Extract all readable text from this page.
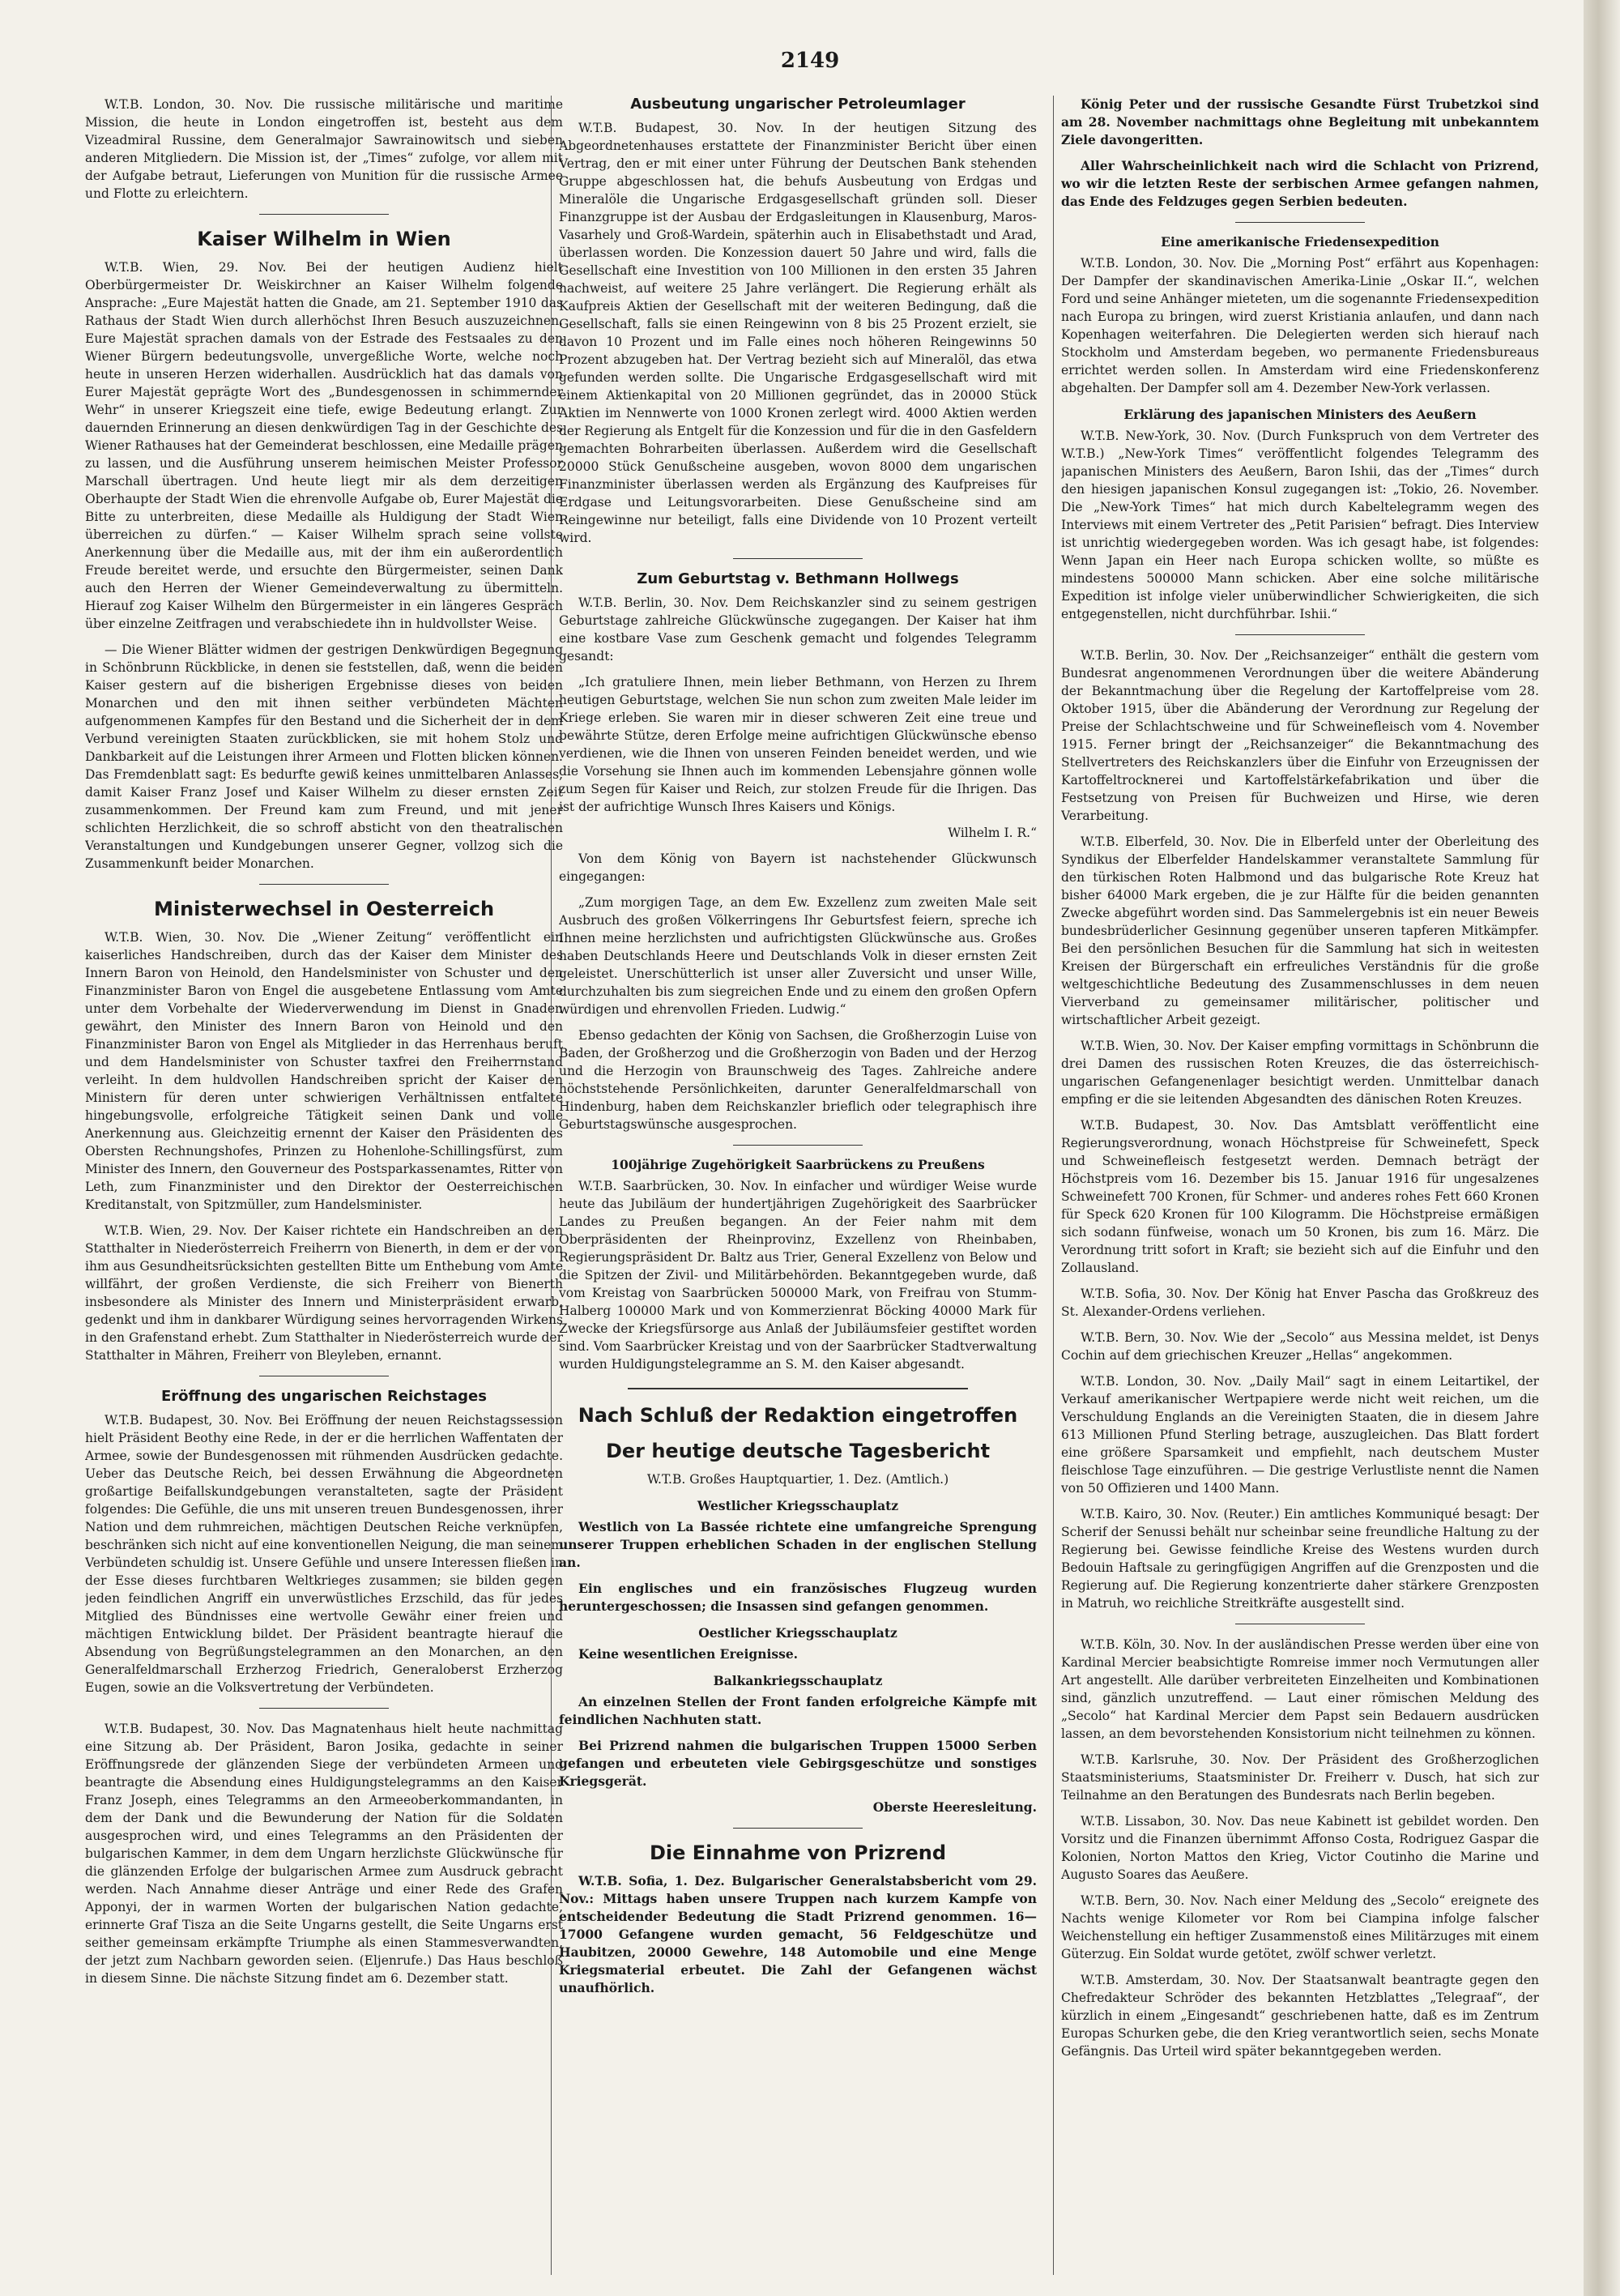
2149

W.T.B. London, 30. Nov. Die russische militärische und maritime Mission, die heute in London eingetroffen ist, besteht aus dem Vizeadmiral Russine, dem Generalmajor Sawrainowitsch und sieben anderen Mitgliedern. Die Mission ist, der „Times“ zufolge, vor allem mit der Aufgabe betraut, Lieferungen von Munition für die russische Armee und Flotte zu erleichtern.

Kaiser Wilhelm in Wien

W.T.B. Wien, 29. Nov. Bei der heutigen Audienz hielt Oberbürgermeister Dr. Weiskirchner an Kaiser Wilhelm folgende Ansprache: „Eure Majestät hatten die Gnade, am 21. September 1910 das Rathaus der Stadt Wien durch allerhöchst Ihren Besuch auszuzeichnen. Eure Majestät sprachen damals von der Estrade des Festsaales zu den Wiener Bürgern bedeutungsvolle, unvergeßliche Worte, welche noch heute in unseren Herzen widerhallen. Ausdrücklich hat das damals von Eurer Majestät geprägte Wort des „Bundesgenossen in schimmernder Wehr“ in unserer Kriegszeit eine tiefe, ewige Bedeutung erlangt. Zur dauernden Erinnerung an diesen denkwürdigen Tag in der Geschichte des Wiener Rathauses hat der Gemeinderat beschlossen, eine Medaille prägen zu lassen, und die Ausführung unserem heimischen Meister Professor Marschall übertragen. Und heute liegt mir als dem derzeitigen Oberhaupte der Stadt Wien die ehrenvolle Aufgabe ob, Eurer Majestät die Bitte zu unterbreiten, diese Medaille als Huldigung der Stadt Wien überreichen zu dürfen.“ — Kaiser Wilhelm sprach seine vollste Anerkennung über die Medaille aus, mit der ihm ein außerordentlich Freude bereitet werde, und ersuchte den Bürgermeister, seinen Dank auch den Herren der Wiener Gemeindeverwaltung zu übermitteln. Hierauf zog Kaiser Wilhelm den Bürgermeister in ein längeres Gespräch über einzelne Zeitfragen und verabschiedete ihn in huldvollster Weise.

— Die Wiener Blätter widmen der gestrigen Denkwürdigen Begegnung in Schönbrunn Rückblicke, in denen sie feststellen, daß, wenn die beiden Kaiser gestern auf die bisherigen Ergebnisse dieses von beiden Monarchen und den mit ihnen seither verbündeten Mächten aufgenommenen Kampfes für den Bestand und die Sicherheit der in dem Verbund vereinigten Staaten zurückblicken, sie mit hohem Stolz und Dankbarkeit auf die Leistungen ihrer Armeen und Flotten blicken können. Das Fremdenblatt sagt: Es bedurfte gewiß keines unmittelbaren Anlasses, damit Kaiser Franz Josef und Kaiser Wilhelm zu dieser ernsten Zeit zusammenkommen. Der Freund kam zum Freund, und mit jener schlichten Herzlichkeit, die so schroff absticht von den theatralischen Veranstaltungen und Kundgebungen unserer Gegner, vollzog sich die Zusammenkunft beider Monarchen.

Ministerwechsel in Oesterreich

W.T.B. Wien, 30. Nov. Die „Wiener Zeitung“ veröffentlicht ein kaiserliches Handschreiben, durch das der Kaiser dem Minister des Innern Baron von Heinold, den Handelsminister von Schuster und den Finanzminister Baron von Engel die ausgebetene Entlassung vom Amte unter dem Vorbehalte der Wiederverwendung im Dienst in Gnaden gewährt, den Minister des Innern Baron von Heinold und den Finanzminister Baron von Engel als Mitglieder in das Herrenhaus beruft und dem Handelsminister von Schuster taxfrei den Freiherrnstand verleiht. In dem huldvollen Handschreiben spricht der Kaiser den Ministern für deren unter schwierigen Verhältnissen entfaltete hingebungsvolle, erfolgreiche Tätigkeit seinen Dank und volle Anerkennung aus. Gleichzeitig ernennt der Kaiser den Präsidenten des Obersten Rechnungshofes, Prinzen zu Hohenlohe-Schillingsfürst, zum Minister des Innern, den Gouverneur des Postsparkassenamtes, Ritter von Leth, zum Finanzminister und den Direktor der Oesterreichischen Kreditanstalt, von Spitzmüller, zum Handelsminister.

W.T.B. Wien, 29. Nov. Der Kaiser richtete ein Handschreiben an den Statthalter in Niederösterreich Freiherrn von Bienerth, in dem er der von ihm aus Gesundheitsrücksichten gestellten Bitte um Enthebung vom Amte willfährt, der großen Verdienste, die sich Freiherr von Bienerth insbesondere als Minister des Innern und Ministerpräsident erwarb, gedenkt und ihm in dankbarer Würdigung seines hervorragenden Wirkens in den Grafenstand erhebt. Zum Statthalter in Niederösterreich wurde der Statthalter in Mähren, Freiherr von Bleyleben, ernannt.

Eröffnung des ungarischen Reichstages

W.T.B. Budapest, 30. Nov. Bei Eröffnung der neuen Reichstagssession hielt Präsident Beothy eine Rede, in der er die herrlichen Waffentaten der Armee, sowie der Bundesgenossen mit rühmenden Ausdrücken gedachte. Ueber das Deutsche Reich, bei dessen Erwähnung die Abgeordneten großartige Beifallskundgebungen veranstalteten, sagte der Präsident folgendes: Die Gefühle, die uns mit unseren treuen Bundesgenossen, ihrer Nation und dem ruhmreichen, mächtigen Deutschen Reiche verknüpfen, beschränken sich nicht auf eine konventionellen Neigung, die man seinem Verbündeten schuldig ist. Unsere Gefühle und unsere Interessen fließen in der Esse dieses furchtbaren Weltkrieges zusammen; sie bilden gegen jeden feindlichen Angriff ein unverwüstliches Erzschild, das für jedes Mitglied des Bündnisses eine wertvolle Gewähr einer freien und mächtigen Entwicklung bildet. Der Präsident beantragte hierauf die Absendung von Begrüßungstelegrammen an den Monarchen, an den Generalfeldmarschall Erzherzog Friedrich, Generaloberst Erzherzog Eugen, sowie an die Volksvertretung der Verbündeten.

W.T.B. Budapest, 30. Nov. Das Magnatenhaus hielt heute nachmittag eine Sitzung ab. Der Präsident, Baron Josika, gedachte in seiner Eröffnungsrede der glänzenden Siege der verbündeten Armeen und beantragte die Absendung eines Huldigungstelegramms an den Kaiser Franz Joseph, eines Telegramms an den Armeeoberkommandanten, in dem der Dank und die Bewunderung der Nation für die Soldaten ausgesprochen wird, und eines Telegramms an den Präsidenten der bulgarischen Kammer, in dem dem Ungarn herzlichste Glückwünsche für die glänzenden Erfolge der bulgarischen Armee zum Ausdruck gebracht werden. Nach Annahme dieser Anträge und einer Rede des Grafen Apponyi, der in warmen Worten der bulgarischen Nation gedachte, erinnerte Graf Tisza an die Seite Ungarns gestellt, die Seite Ungarns erst seither gemeinsam erkämpfte Triumphe als einen Stammesverwandten, der jetzt zum Nachbarn geworden seien. (Eljenrufe.) Das Haus beschloß in diesem Sinne. Die nächste Sitzung findet am 6. Dezember statt.

Ausbeutung ungarischer Petroleumlager

W.T.B. Budapest, 30. Nov. In der heutigen Sitzung des Abgeordnetenhauses erstattete der Finanzminister Bericht über einen Vertrag, den er mit einer unter Führung der Deutschen Bank stehenden Gruppe abgeschlossen hat, die behufs Ausbeutung von Erdgas und Mineralöle die Ungarische Erdgasgesellschaft gründen soll. Dieser Finanzgruppe ist der Ausbau der Erdgasleitungen in Klausenburg, Maros-Vasarhely und Groß-Wardein, späterhin auch in Elisabethstadt und Arad, überlassen worden. Die Konzession dauert 50 Jahre und wird, falls die Gesellschaft eine Investition von 100 Millionen in den ersten 35 Jahren nachweist, auf weitere 25 Jahre verlängert. Die Regierung erhält als Kaufpreis Aktien der Gesellschaft mit der weiteren Bedingung, daß die Gesellschaft, falls sie einen Reingewinn von 8 bis 25 Prozent erzielt, sie davon 10 Prozent und im Falle eines noch höheren Reingewinns 50 Prozent abzugeben hat. Der Vertrag bezieht sich auf Mineralöl, das etwa gefunden werden sollte. Die Ungarische Erdgasgesellschaft wird mit einem Aktienkapital von 20 Millionen gegründet, das in 20000 Stück Aktien im Nennwerte von 1000 Kronen zerlegt wird. 4000 Aktien werden der Regierung als Entgelt für die Konzession und für die in den Gasfeldern gemachten Bohrarbeiten überlassen. Außerdem wird die Gesellschaft 20000 Stück Genußscheine ausgeben, wovon 8000 dem ungarischen Finanzminister überlassen werden als Ergänzung des Kaufpreises für Erdgase und Leitungsvorarbeiten. Diese Genußscheine sind am Reingewinne nur beteiligt, falls eine Dividende von 10 Prozent verteilt wird.

Zum Geburtstag v. Bethmann Hollwegs

W.T.B. Berlin, 30. Nov. Dem Reichskanzler sind zu seinem gestrigen Geburtstage zahlreiche Glückwünsche zugegangen. Der Kaiser hat ihm eine kostbare Vase zum Geschenk gemacht und folgendes Telegramm gesandt:

„Ich gratuliere Ihnen, mein lieber Bethmann, von Herzen zu Ihrem heutigen Geburtstage, welchen Sie nun schon zum zweiten Male leider im Kriege erleben. Sie waren mir in dieser schweren Zeit eine treue und bewährte Stütze, deren Erfolge meine aufrichtigen Glückwünsche ebenso verdienen, wie die Ihnen von unseren Feinden beneidet werden, und wie die Vorsehung sie Ihnen auch im kommenden Lebensjahre gönnen wolle zum Segen für Kaiser und Reich, zur stolzen Freude für die Ihrigen. Das ist der aufrichtige Wunsch Ihres Kaisers und Königs.

Wilhelm I. R.“

Von dem König von Bayern ist nachstehender Glückwunsch eingegangen:

„Zum morgigen Tage, an dem Ew. Exzellenz zum zweiten Male seit Ausbruch des großen Völkerringens Ihr Geburtsfest feiern, spreche ich Ihnen meine herzlichsten und aufrichtigsten Glückwünsche aus. Großes haben Deutschlands Heere und Deutschlands Volk in dieser ernsten Zeit geleistet. Unerschütterlich ist unser aller Zuversicht und unser Wille, durchzuhalten bis zum siegreichen Ende und zu einem den großen Opfern würdigen und ehrenvollen Frieden. Ludwig.“

Ebenso gedachten der König von Sachsen, die Großherzogin Luise von Baden, der Großherzog und die Großherzogin von Baden und der Herzog und die Herzogin von Braunschweig des Tages. Zahlreiche andere höchststehende Persönlichkeiten, darunter Generalfeldmarschall von Hindenburg, haben dem Reichskanzler brieflich oder telegraphisch ihre Geburtstagswünsche ausgesprochen.

100jährige Zugehörigkeit Saarbrückens zu Preußens

W.T.B. Saarbrücken, 30. Nov. In einfacher und würdiger Weise wurde heute das Jubiläum der hundertjährigen Zugehörigkeit des Saarbrücker Landes zu Preußen begangen. An der Feier nahm mit dem Oberpräsidenten der Rheinprovinz, Exzellenz von Rheinbaben, Regierungspräsident Dr. Baltz aus Trier, General Exzellenz von Below und die Spitzen der Zivil- und Militärbehörden. Bekanntgegeben wurde, daß vom Kreistag von Saarbrücken 500000 Mark, von Freifrau von Stumm-Halberg 100000 Mark und von Kommerzienrat Böcking 40000 Mark für Zwecke der Kriegsfürsorge aus Anlaß der Jubiläumsfeier gestiftet worden sind. Vom Saarbrücker Kreistag und von der Saarbrücker Stadtverwaltung wurden Huldigungstelegramme an S. M. den Kaiser abgesandt.

Nach Schluß der Redaktion eingetroffen
Der heutige deutsche Tagesbericht

W.T.B. Großes Hauptquartier, 1. Dez. (Amtlich.)

Westlicher Kriegsschauplatz

Westlich von La Bassée richtete eine umfangreiche Sprengung unserer Truppen erheblichen Schaden in der englischen Stellung an.

Ein englisches und ein französisches Flugzeug wurden heruntergeschossen; die Insassen sind gefangen genommen.

Oestlicher Kriegsschauplatz

Keine wesentlichen Ereignisse.

Balkankriegsschauplatz

An einzelnen Stellen der Front fanden erfolgreiche Kämpfe mit feindlichen Nachhuten statt.

Bei Prizrend nahmen die bulgarischen Truppen 15000 Serben gefangen und erbeuteten viele Gebirgsgeschütze und sonstiges Kriegsgerät.

Oberste Heeresleitung.

Die Einnahme von Prizrend

W.T.B. Sofia, 1. Dez. Bulgarischer Generalstabsbericht vom 29. Nov.: Mittags haben unsere Truppen nach kurzem Kampfe von entscheidender Bedeutung die Stadt Prizrend genommen. 16—17000 Gefangene wurden gemacht, 56 Feldgeschütze und Haubitzen, 20000 Gewehre, 148 Automobile und eine Menge Kriegsmaterial erbeutet. Die Zahl der Gefangenen wächst unaufhörlich.

König Peter und der russische Gesandte Fürst Trubetzkoi sind am 28. November nachmittags ohne Begleitung mit unbekanntem Ziele davongeritten.

Aller Wahrscheinlichkeit nach wird die Schlacht von Prizrend, wo wir die letzten Reste der serbischen Armee gefangen nahmen, das Ende des Feldzuges gegen Serbien bedeuten.

Eine amerikanische Friedensexpedition

W.T.B. London, 30. Nov. Die „Morning Post“ erfährt aus Kopenhagen: Der Dampfer der skandinavischen Amerika-Linie „Oskar II.“, welchen Ford und seine Anhänger mieteten, um die sogenannte Friedensexpedition nach Europa zu bringen, wird zuerst Kristiania anlaufen, und dann nach Kopenhagen weiterfahren. Die Delegierten werden sich hierauf nach Stockholm und Amsterdam begeben, wo permanente Friedensbureaus errichtet werden sollen. In Amsterdam wird eine Friedenskonferenz abgehalten. Der Dampfer soll am 4. Dezember New-York verlassen.

Erklärung des japanischen Ministers des Aeußern

W.T.B. New-York, 30. Nov. (Durch Funkspruch von dem Vertreter des W.T.B.) „New-York Times“ veröffentlicht folgendes Telegramm des japanischen Ministers des Aeußern, Baron Ishii, das der „Times“ durch den hiesigen japanischen Konsul zugegangen ist: „Tokio, 26. November. Die „New-York Times“ hat mich durch Kabeltelegramm wegen des Interviews mit einem Vertreter des „Petit Parisien“ befragt. Dies Interview ist unrichtig wiedergegeben worden. Was ich gesagt habe, ist folgendes: Wenn Japan ein Heer nach Europa schicken wollte, so müßte es mindestens 500000 Mann schicken. Aber eine solche militärische Expedition ist infolge vieler unüberwindlicher Schwierigkeiten, die sich entgegenstellen, nicht durchführbar. Ishii.“

W.T.B. Berlin, 30. Nov. Der „Reichsanzeiger“ enthält die gestern vom Bundesrat angenommenen Verordnungen über die weitere Abänderung der Bekanntmachung über die Regelung der Kartoffelpreise vom 28. Oktober 1915, über die Abänderung der Verordnung zur Regelung der Preise der Schlachtschweine und für Schweinefleisch vom 4. November 1915. Ferner bringt der „Reichsanzeiger“ die Bekanntmachung des Stellvertreters des Reichskanzlers über die Einfuhr von Erzeugnissen der Kartoffeltrocknerei und Kartoffelstärkefabrikation und über die Festsetzung von Preisen für Buchweizen und Hirse, wie deren Verarbeitung.

W.T.B. Elberfeld, 30. Nov. Die in Elberfeld unter der Oberleitung des Syndikus der Elberfelder Handelskammer veranstaltete Sammlung für den türkischen Roten Halbmond und das bulgarische Rote Kreuz hat bisher 64000 Mark ergeben, die je zur Hälfte für die beiden genannten Zwecke abgeführt worden sind. Das Sammelergebnis ist ein neuer Beweis bundesbrüderlicher Gesinnung gegenüber unseren tapferen Mitkämpfer. Bei den persönlichen Besuchen für die Sammlung hat sich in weitesten Kreisen der Bürgerschaft ein erfreuliches Verständnis für die große weltgeschichtliche Bedeutung des Zusammenschlusses in dem neuen Vierverband zu gemeinsamer militärischer, politischer und wirtschaftlicher Arbeit gezeigt.

W.T.B. Wien, 30. Nov. Der Kaiser empfing vormittags in Schönbrunn die drei Damen des russischen Roten Kreuzes, die das österreichisch-ungarischen Gefangenenlager besichtigt werden. Unmittelbar danach empfing er die sie leitenden Abgesandten des dänischen Roten Kreuzes.

W.T.B. Budapest, 30. Nov. Das Amtsblatt veröffentlicht eine Regierungsverordnung, wonach Höchstpreise für Schweinefett, Speck und Schweinefleisch festgesetzt werden. Demnach beträgt der Höchstpreis vom 16. Dezember bis 15. Januar 1916 für ungesalzenes Schweinefett 700 Kronen, für Schmer- und anderes rohes Fett 660 Kronen für Speck 620 Kronen für 100 Kilogramm. Die Höchstpreise ermäßigen sich sodann fünfweise, wonach um 50 Kronen, bis zum 16. März. Die Verordnung tritt sofort in Kraft; sie bezieht sich auf die Einfuhr und den Zollausland.

W.T.B. Sofia, 30. Nov. Der König hat Enver Pascha das Großkreuz des St. Alexander-Ordens verliehen.

W.T.B. Bern, 30. Nov. Wie der „Secolo“ aus Messina meldet, ist Denys Cochin auf dem griechischen Kreuzer „Hellas“ angekommen.

W.T.B. London, 30. Nov. „Daily Mail“ sagt in einem Leitartikel, der Verkauf amerikanischer Wertpapiere werde nicht weit reichen, um die Verschuldung Englands an die Vereinigten Staaten, die in diesem Jahre 613 Millionen Pfund Sterling betrage, auszugleichen. Das Blatt fordert eine größere Sparsamkeit und empfiehlt, nach deutschem Muster fleischlose Tage einzuführen. — Die gestrige Verlustliste nennt die Namen von 50 Offizieren und 1400 Mann.

W.T.B. Kairo, 30. Nov. (Reuter.) Ein amtliches Kommuniqué besagt: Der Scherif der Senussi behält nur scheinbar seine freundliche Haltung zu der Regierung bei. Gewisse feindliche Kreise des Westens wurden durch Bedouin Haftsale zu geringfügigen Angriffen auf die Grenzposten und die Regierung auf. Die Regierung konzentrierte daher stärkere Grenzposten in Matruh, wo reichliche Streitkräfte ausgestellt sind.

W.T.B. Köln, 30. Nov. In der ausländischen Presse werden über eine von Kardinal Mercier beabsichtigte Romreise immer noch Vermutungen aller Art angestellt. Alle darüber verbreiteten Einzelheiten und Kombinationen sind, gänzlich unzutreffend. — Laut einer römischen Meldung des „Secolo“ hat Kardinal Mercier dem Papst sein Bedauern ausdrücken lassen, an dem bevorstehenden Konsistorium nicht teilnehmen zu können.

W.T.B. Karlsruhe, 30. Nov. Der Präsident des Großherzoglichen Staatsministeriums, Staatsminister Dr. Freiherr v. Dusch, hat sich zur Teilnahme an den Beratungen des Bundesrats nach Berlin begeben.

W.T.B. Lissabon, 30. Nov. Das neue Kabinett ist gebildet worden. Den Vorsitz und die Finanzen übernimmt Affonso Costa, Rodriguez Gaspar die Kolonien, Norton Mattos den Krieg, Victor Coutinho die Marine und Augusto Soares das Aeußere.

W.T.B. Bern, 30. Nov. Nach einer Meldung des „Secolo“ ereignete des Nachts wenige Kilometer vor Rom bei Ciampina infolge falscher Weichenstellung ein heftiger Zusammenstoß eines Militärzuges mit einem Güterzug. Ein Soldat wurde getötet, zwölf schwer verletzt.

W.T.B. Amsterdam, 30. Nov. Der Staatsanwalt beantragte gegen den Chefredakteur Schröder des bekannten Hetzblattes „Telegraaf“, der kürzlich in einem „Eingesandt“ geschriebenen hatte, daß es im Zentrum Europas Schurken gebe, die den Krieg verantwortlich seien, sechs Monate Gefängnis. Das Urteil wird später bekanntgegeben werden.
